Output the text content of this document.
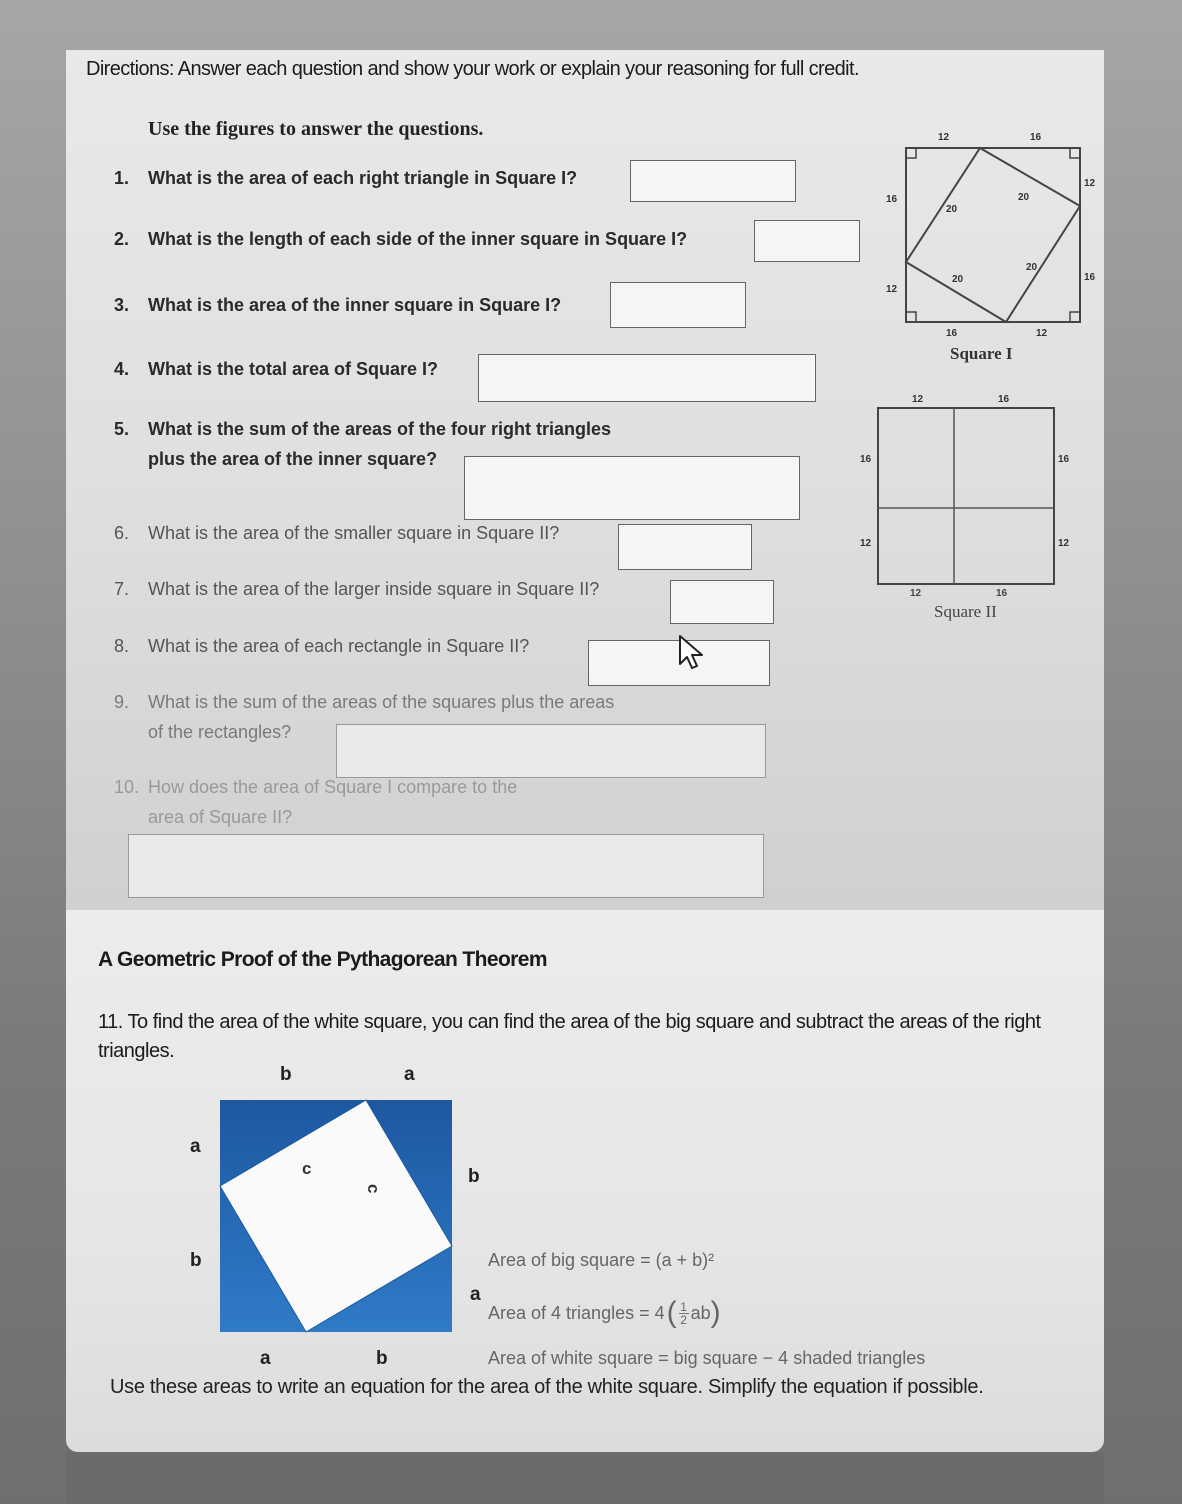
Directions: Answer each question and show your work or explain your reasoning for full credit.
Use the figures to answer the questions.
1. What is the area of each right triangle in Square I?
2. What is the length of each side of the inner square in Square I?
3. What is the area of the inner square in Square I?
4. What is the total area of Square I?
5. What is the sum of the areas of the four right triangles
plus the area of the inner square?
6. What is the area of the smaller square in Square II?
7. What is the area of the larger inside square in Square II?
8. What is the area of each rectangle in Square II?
9. What is the sum of the areas of the squares plus the areas
of the rectangles?
10. How does the area of Square I compare to the
area of Square II?
12	16
16
12
12
16
16	12
20
20
20
20
Square I
12	16
16
12
16
12
12	16
Square II
A Geometric Proof of the Pythagorean Theorem
11. To find the area of the white square, you can find the area of the big square and subtract the areas of the right triangles.
b	a
a
b
b
a
a	b
c
c
Area of big square = (a + b)²
Area of 4 triangles = 4 ( 1
2 ab )
Area of white square = big square − 4 shaded triangles
Use these areas to write an equation for the area of the white square. Simplify the equation if possible.
